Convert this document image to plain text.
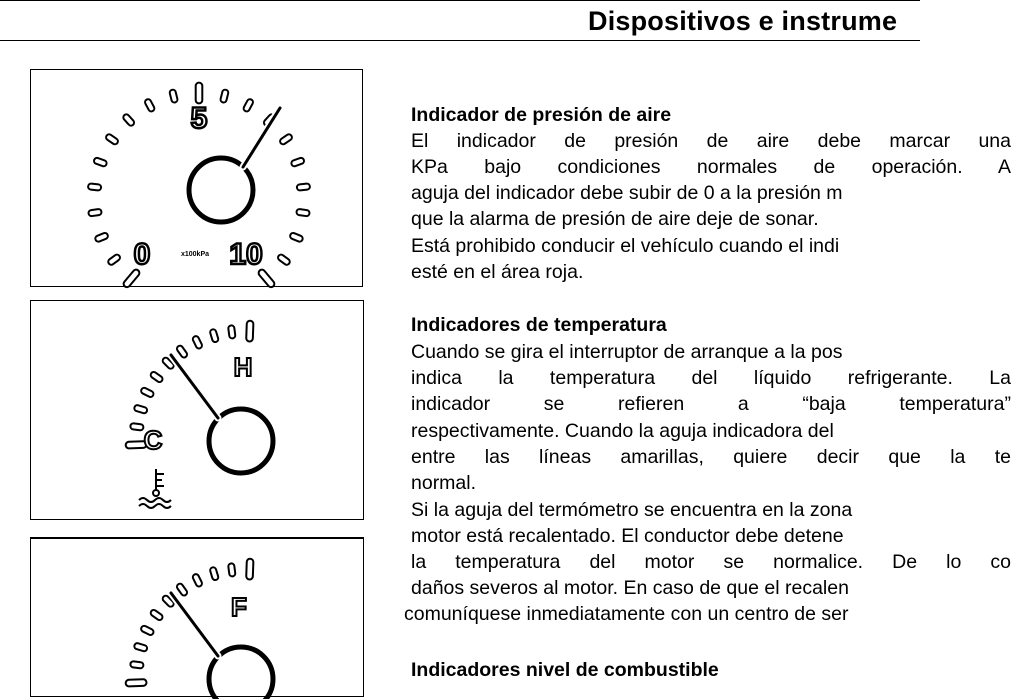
Dispositivos e instrume
5
0	10
x100kPa
H
C
F
Indicador de presión de aire
El indicador de presión de aire debe marcar una
KPa bajo condiciones normales de operación. A
aguja del indicador debe subir de 0 a la presión m
que la alarma de presión de aire deje de sonar.
Está prohibido conducir el vehículo cuando el indi
esté en el área roja.
Indicadores de temperatura
Cuando se gira el interruptor de arranque a la pos
indica la temperatura del líquido refrigerante. La
indicador se refieren a “baja temperatura”
respectivamente. Cuando la aguja indicadora del
entre las líneas amarillas, quiere decir que la te
normal.
Si la aguja del termómetro se encuentra en la zona
motor está recalentado. El conductor debe detene
la temperatura del motor se normalice. De lo co
daños severos al motor. En caso de que el recalen
comuníquese inmediatamente con un centro de ser
Indicadores nivel de combustible
